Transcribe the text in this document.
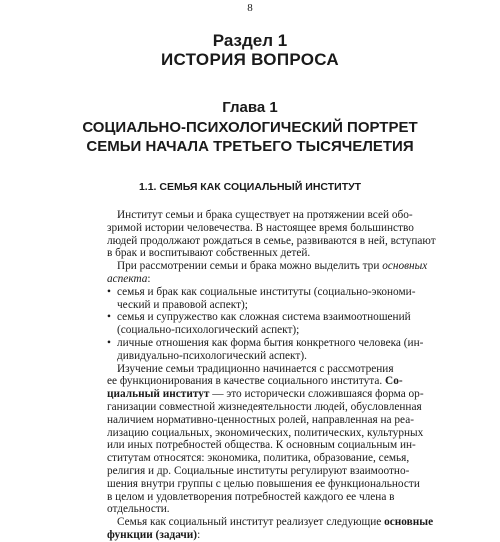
8
Раздел 1
ИСТОРИЯ ВОПРОСА
Глава 1
СОЦИАЛЬНО-ПСИХОЛОГИЧЕСКИЙ ПОРТРЕТ
СЕМЬИ НАЧАЛА ТРЕТЬЕГО ТЫСЯЧЕЛЕТИЯ
1.1. СЕМЬЯ КАК СОЦИАЛЬНЫЙ ИНСТИТУТ
Институт семьи и брака существует на протяжении всей обо-
зримой истории человечества. В настоящее время большинство
людей продолжают рождаться в семье, развиваются в ней, вступают
в брак и воспитывают собственных детей.
При рассмотрении семьи и брака можно выделить три основных
аспекта:
• семья и брак как социальные институты (социально-экономи-
ческий и правовой аспект);
• семья и супружество как сложная система взаимоотношений
(социально-психологический аспект);
• личные отношения как форма бытия конкретного человека (ин-
дивидуально-психологический аспект).
Изучение семьи традиционно начинается с рассмотрения
ее функционирования в качестве социального института. Со-
циальный институт — это исторически сложившаяся форма ор-
ганизации совместной жизнедеятельности людей, обусловленная
наличием нормативно-ценностных ролей, направленная на реа-
лизацию социальных, экономических, политических, культурных
или иных потребностей общества. К основным социальным ин-
ститутам относятся: экономика, политика, образование, семья,
религия и др. Социальные институты регулируют взаимоотно-
шения внутри группы с целью повышения ее функциональности
в целом и удовлетворения потребностей каждого ее члена в
отдельности.
Семья как социальный институт реализует следующие основные
функции (задачи):
